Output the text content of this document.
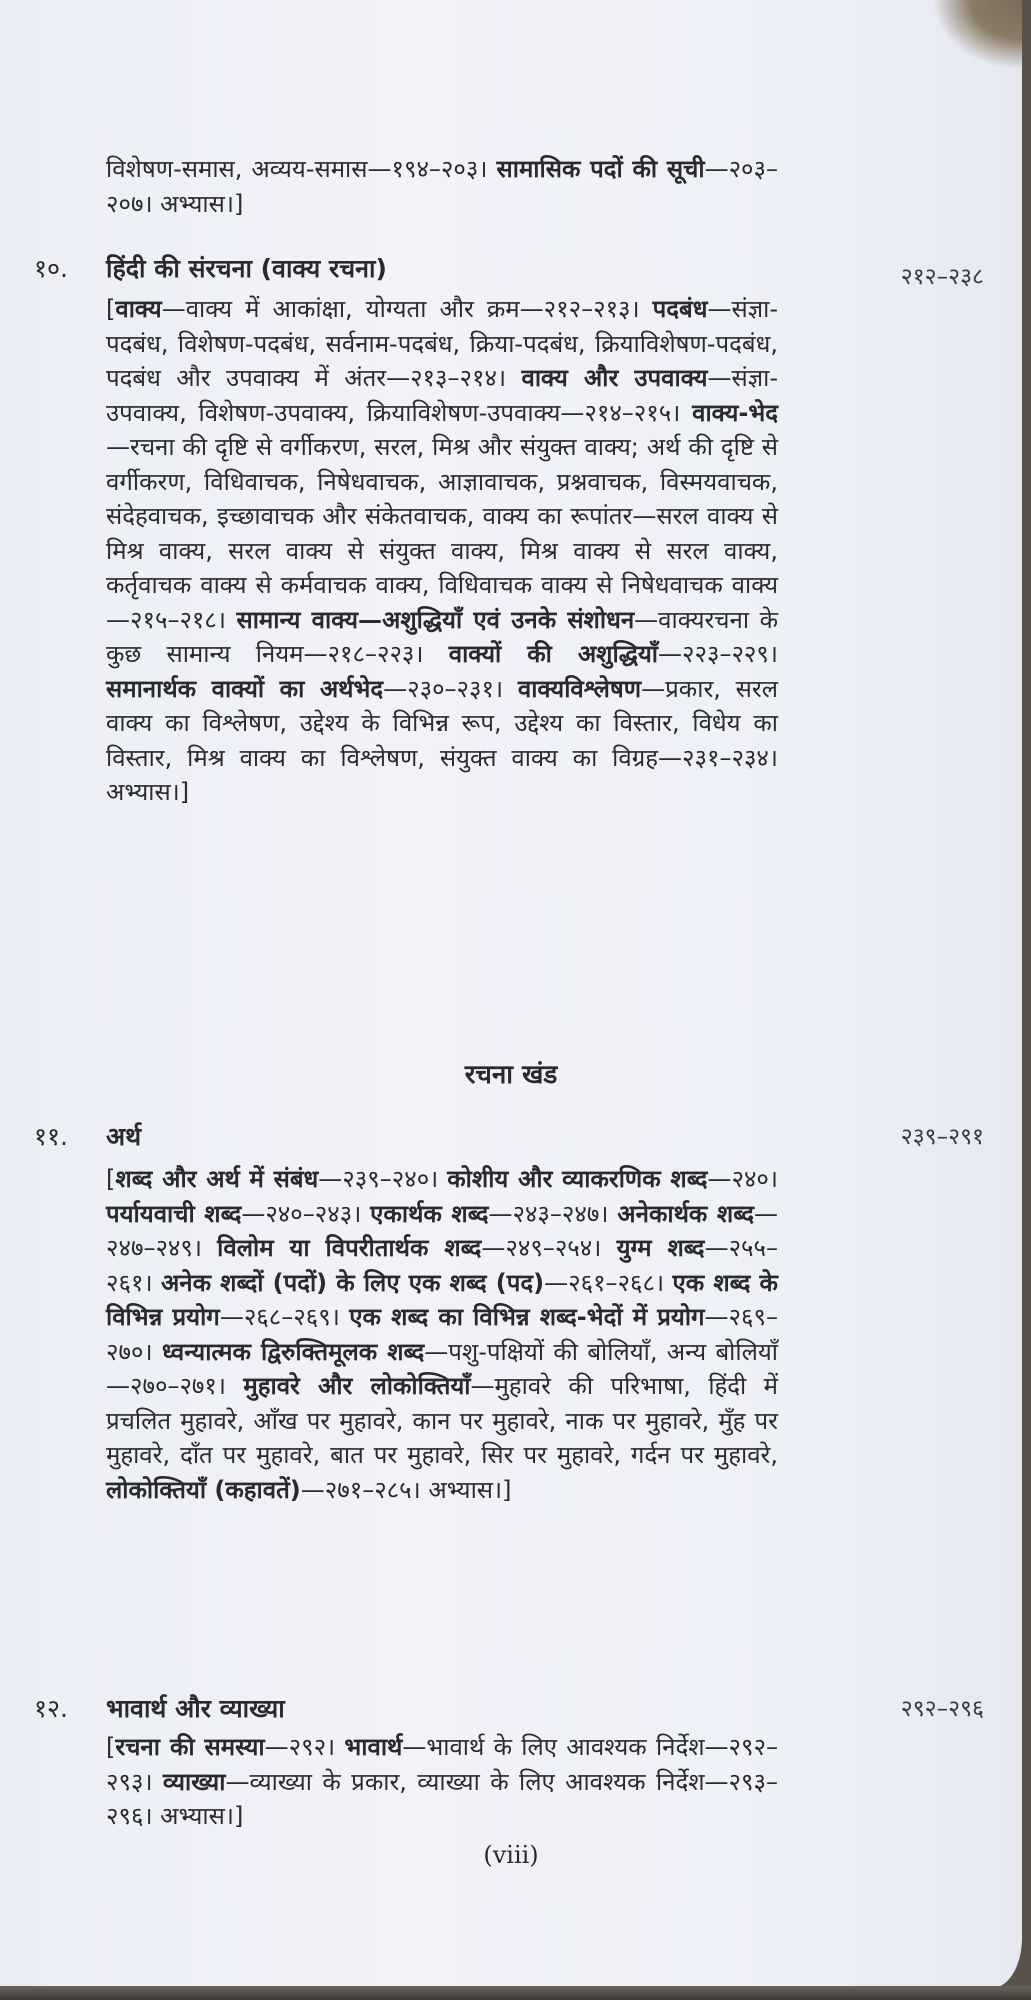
विशेषण-समास, अव्यय-समास—१९४–२०३। सामासिक पदों की सूची—२०३–२०७। अभ्यास।]
१०. हिंदी की संरचना (वाक्य रचना)	२१२–२३८
[वाक्य—वाक्य में आकांक्षा, योग्यता और क्रम—२१२–२१३। पदबंध—संज्ञा-पदबंध, विशेषण-पदबंध, सर्वनाम-पदबंध, क्रिया-पदबंध, क्रियाविशेषण-पदबंध, पदबंध और उपवाक्य में अंतर—२१३–२१४। वाक्य और उपवाक्य—संज्ञा-उपवाक्य, विशेषण-उपवाक्य, क्रियाविशेषण-उपवाक्य—२१४–२१५। वाक्य-भेद—रचना की दृष्टि से वर्गीकरण, सरल, मिश्र और संयुक्त वाक्य; अर्थ की दृष्टि से वर्गीकरण, विधिवाचक, निषेधवाचक, आज्ञावाचक, प्रश्नवाचक, विस्मयवाचक, संदेहवाचक, इच्छावाचक और संकेतवाचक, वाक्य का रूपांतर—सरल वाक्य से मिश्र वाक्य, सरल वाक्य से संयुक्त वाक्य, मिश्र वाक्य से सरल वाक्य, कर्तृवाचक वाक्य से कर्मवाचक वाक्य, विधिवाचक वाक्य से निषेधवाचक वाक्य—२१५–२१८। सामान्य वाक्य—अशुद्धियाँ एवं उनके संशोधन—वाक्यरचना के कुछ सामान्य नियम—२१८–२२३। वाक्यों की अशुद्धियाँ—२२३–२२९। समानार्थक वाक्यों का अर्थभेद—२३०–२३१। वाक्यविश्लेषण—प्रकार, सरल वाक्य का विश्लेषण, उद्देश्य के विभिन्न रूप, उद्देश्य का विस्तार, विधेय का विस्तार, मिश्र वाक्य का विश्लेषण, संयुक्त वाक्य का विग्रह—२३१–२३४। अभ्यास।]
रचना खंड
११. अर्थ	२३९–२९१
[शब्द और अर्थ में संबंध—२३९–२४०। कोशीय और व्याकरणिक शब्द—२४०। पर्यायवाची शब्द—२४०–२४३। एकार्थक शब्द—२४३–२४७। अनेकार्थक शब्द—२४७–२४९। विलोम या विपरीतार्थक शब्द—२४९–२५४। युग्म शब्द—२५५–२६१। अनेक शब्दों (पदों) के लिए एक शब्द (पद)—२६१–२६८। एक शब्द के विभिन्न प्रयोग—२६८–२६९। एक शब्द का विभिन्न शब्द-भेदों में प्रयोग—२६९–२७०। ध्वन्यात्मक द्विरुक्तिमूलक शब्द—पशु-पक्षियों की बोलियाँ, अन्य बोलियाँ—२७०–२७१। मुहावरे और लोकोक्तियाँ—मुहावरे की परिभाषा, हिंदी में प्रचलित मुहावरे, आँख पर मुहावरे, कान पर मुहावरे, नाक पर मुहावरे, मुँह पर मुहावरे, दाँत पर मुहावरे, बात पर मुहावरे, सिर पर मुहावरे, गर्दन पर मुहावरे, लोकोक्तियाँ (कहावतें)—२७१–२८५। अभ्यास।]
१२. भावार्थ और व्याख्या	२९२–२९६
[रचना की समस्या—२९२। भावार्थ—भावार्थ के लिए आवश्यक निर्देश—२९२–२९३। व्याख्या—व्याख्या के प्रकार, व्याख्या के लिए आवश्यक निर्देश—२९३–२९६। अभ्यास।]
(viii)
